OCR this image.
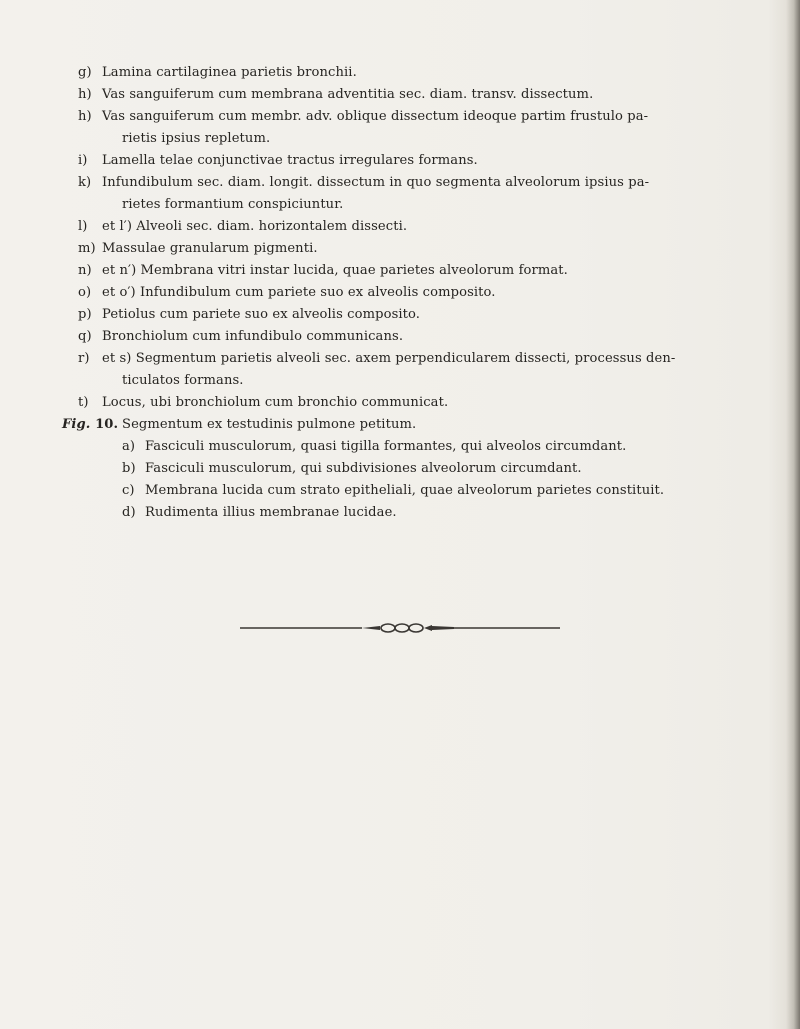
g) Lamina cartilaginea parietis bronchii.
h) Vas sanguiferum cum membrana adventitia sec. diam. transv. dissectum.
h) Vas sanguiferum cum membr. adv. oblique dissectum ideoque partim frustulo pa-
rietis ipsius repletum.
i)	Lamella telae conjunctivae tractus irregulares formans.
k) Infundibulum sec. diam. longit. dissectum in quo segmenta alveolorum ipsius pa-
rietes formantium conspiciuntur.
l)	et l′) Alveoli sec. diam. horizontalem dissecti.
m) Massulae granularum pigmenti.
n) et n′) Membrana vitri instar lucida, quae parietes alveolorum format.
o) et o′) Infundibulum cum pariete suo ex alveolis composito.
p) Petiolus cum pariete suo ex alveolis composito.
q) Bronchiolum cum infundibulo communicans.
r) et s) Segmentum parietis alveoli sec. axem perpendicularem dissecti, processus den-
ticulatos formans.
t)	Locus, ubi bronchiolum cum bronchio communicat.
Fig. 10. Segmentum ex testudinis pulmone petitum.
a) Fasciculi musculorum, quasi tigilla formantes, qui alveolos circumdant.
b) Fasciculi musculorum, qui subdivisiones alveolorum circumdant.
c) Membrana lucida cum strato epitheliali, quae alveolorum parietes constituit.
d) Rudimenta illius membranae lucidae.
